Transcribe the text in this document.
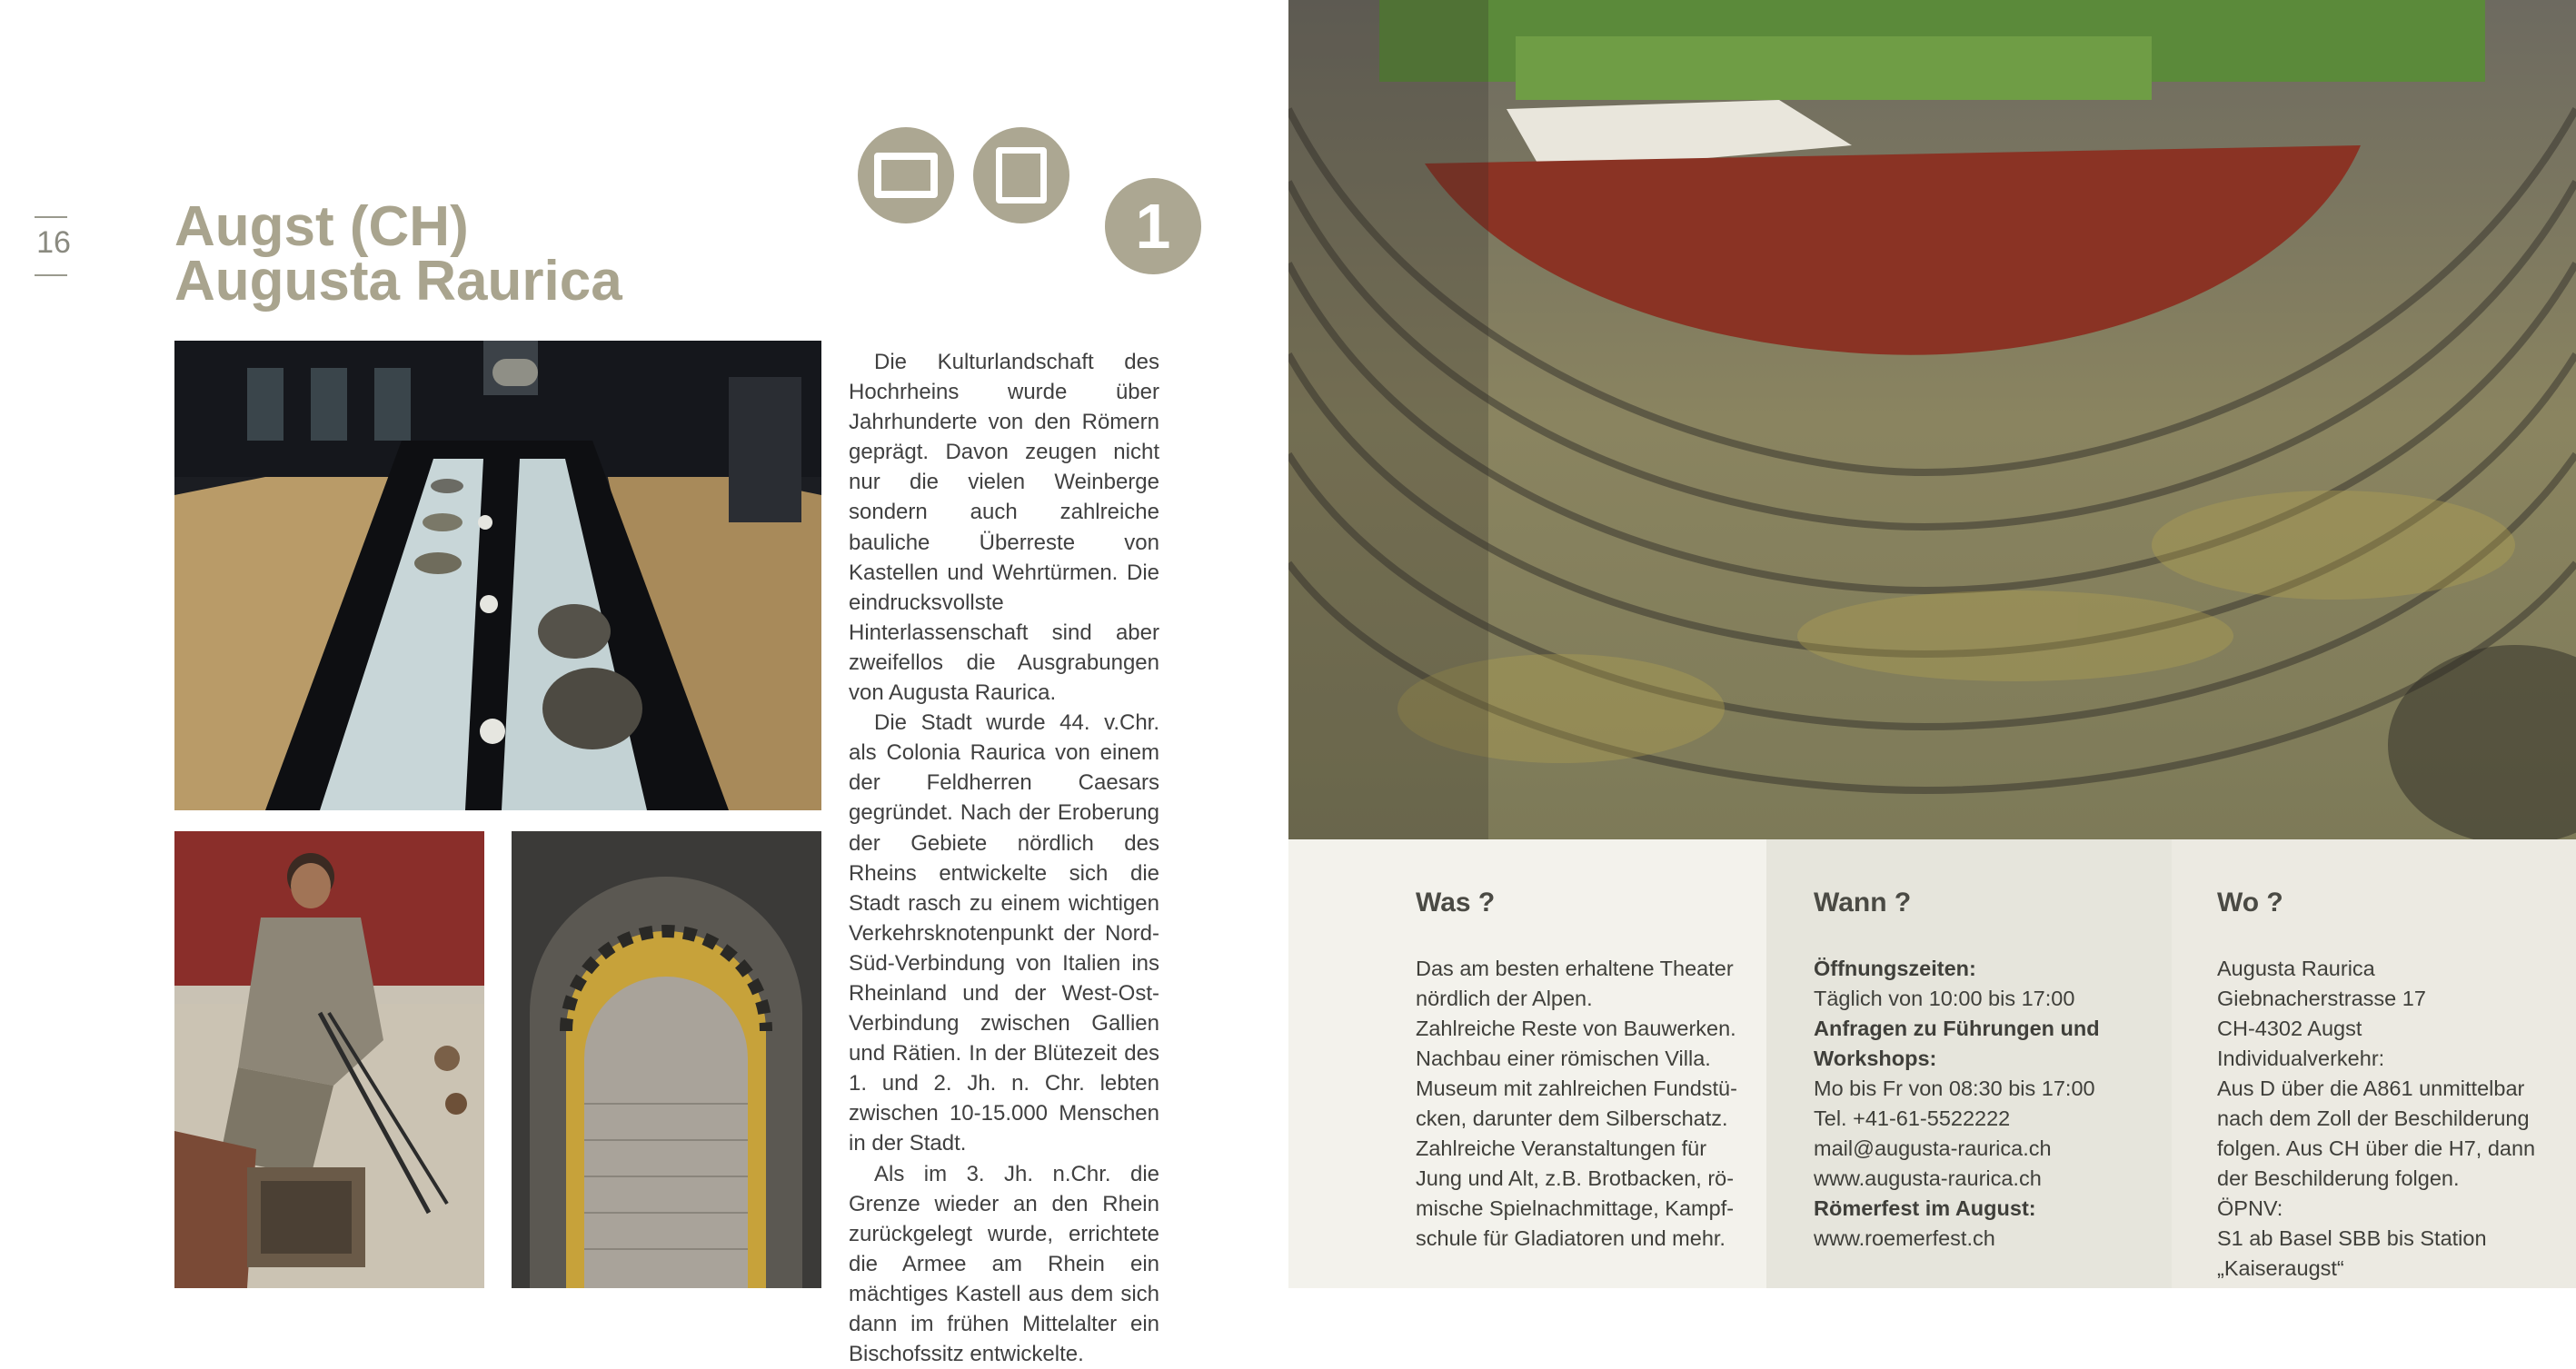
16 Augst (CH)
Augusta Raurica
1

Die Kulturlandschaft des Hochrheins wurde über Jahrhunderte von den Römern geprägt. Davon zeugen nicht nur die vielen Weinberge sondern auch zahlreiche bauliche Überreste von Kastellen und Wehrtürmen. Die eindrucksvollste Hinterlassenschaft sind aber zweifellos die Ausgrabungen von Augusta Raurica.

Die Stadt wurde 44. v.Chr. als Colonia Raurica von einem der Feldherren Caesars gegründet. Nach der Eroberung der Gebiete nördlich des Rheins entwickelte sich die Stadt rasch zu einem wichtigen Verkehrsknotenpunkt der Nord-Süd-Verbindung von Italien ins Rheinland und der West-Ost-Verbindung zwischen Gallien und Rätien. In der Blütezeit des 1. und 2. Jh. n. Chr. lebten zwischen 10-15.000 Menschen in der Stadt.

Als im 3. Jh. n.Chr. die Grenze wieder an den Rhein zurückgelegt wurde, errichtete die Armee am Rhein ein mächtiges Kastell aus dem sich dann im frühen Mittelalter ein Bischofssitz entwickelte.

Was ?
Das am besten erhaltene Theater
nördlich der Alpen.
Zahlreiche Reste von Bauwerken.
Nachbau einer römischen Villa.
Museum mit zahlreichen Fundstü-
cken, darunter dem Silberschatz.
Zahlreiche Veranstaltungen für
Jung und Alt, z.B. Brotbacken, rö-
mische Spielnachmittage, Kampf-
schule für Gladiatoren und mehr.
Wann ?
Öffnungszeiten:
Täglich von 10:00 bis 17:00
Anfragen zu Führungen und
Workshops:
Mo bis Fr von 08:30 bis 17:00
Tel. +41-61-5522222
mail@augusta-raurica.ch
www.augusta-raurica.ch
Römerfest im August:
www.roemerfest.ch
Wo ?
Augusta Raurica
Giebnacherstrasse 17
CH-4302 Augst
Individualverkehr:
Aus D über die A861 unmittelbar
nach dem Zoll der Beschilderung
folgen. Aus CH über die H7, dann
der Beschilderung folgen.
ÖPNV:
S1 ab Basel SBB bis Station
„Kaiseraugst“
